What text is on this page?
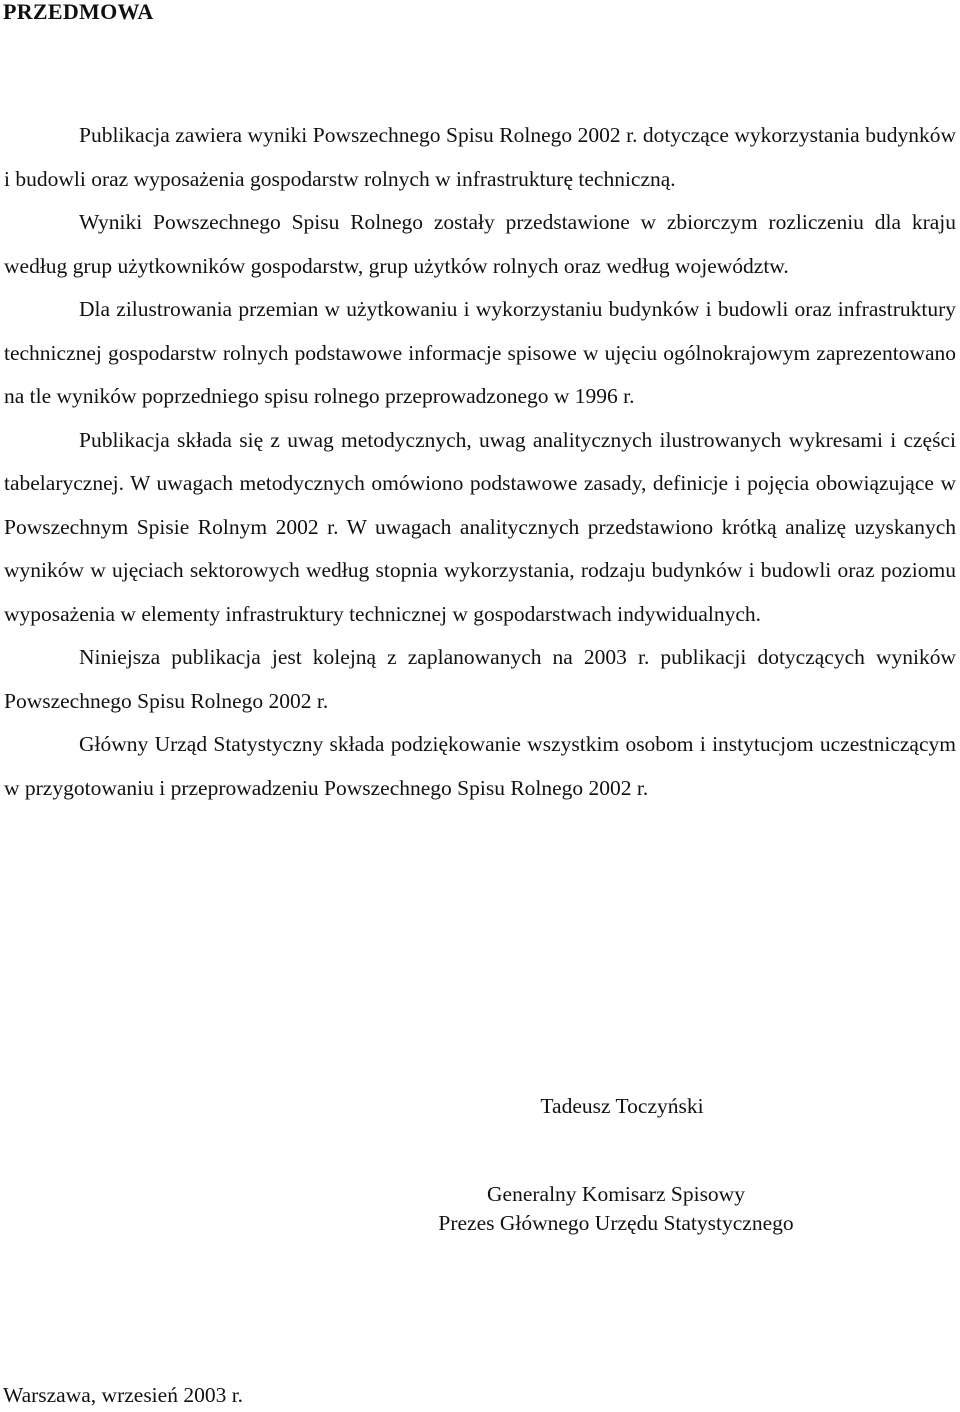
PRZEDMOWA

Publikacja zawiera wyniki Powszechnego Spisu Rolnego 2002 r. dotyczące wykorzystania budynków i budowli oraz wyposażenia gospodarstw rolnych w infrastrukturę techniczną.

Wyniki Powszechnego Spisu Rolnego zostały przedstawione w zbiorczym rozliczeniu dla kraju według grup użytkowników gospodarstw, grup użytków rolnych oraz według województw.

Dla zilustrowania przemian w użytkowaniu i wykorzystaniu budynków i budowli oraz infrastruktury technicznej gospodarstw rolnych podstawowe informacje spisowe w ujęciu ogólnokrajowym zaprezentowano na tle wyników poprzedniego spisu rolnego przeprowadzonego w 1996 r.

Publikacja składa się z uwag metodycznych, uwag analitycznych ilustrowanych wykresami i części tabelarycznej. W uwagach metodycznych omówiono podstawowe zasady, definicje i pojęcia obowiązujące w Powszechnym Spisie Rolnym 2002 r. W uwagach analitycznych przedstawiono krótką analizę uzyskanych wyników w ujęciach sektorowych według stopnia wykorzystania, rodzaju budynków i budowli oraz poziomu wyposażenia w elementy infrastruktury technicznej w gospodarstwach indywidualnych.

Niniejsza publikacja jest kolejną z zaplanowanych na 2003 r. publikacji dotyczących wyników Powszechnego Spisu Rolnego 2002 r.

Główny Urząd Statystyczny składa podziękowanie wszystkim osobom i instytucjom uczestniczącym w przygotowaniu i przeprowadzeniu Powszechnego Spisu Rolnego 2002 r.

Tadeusz Toczyński
Generalny Komisarz Spisowy
Prezes Głównego Urzędu Statystycznego
Warszawa, wrzesień 2003 r.
